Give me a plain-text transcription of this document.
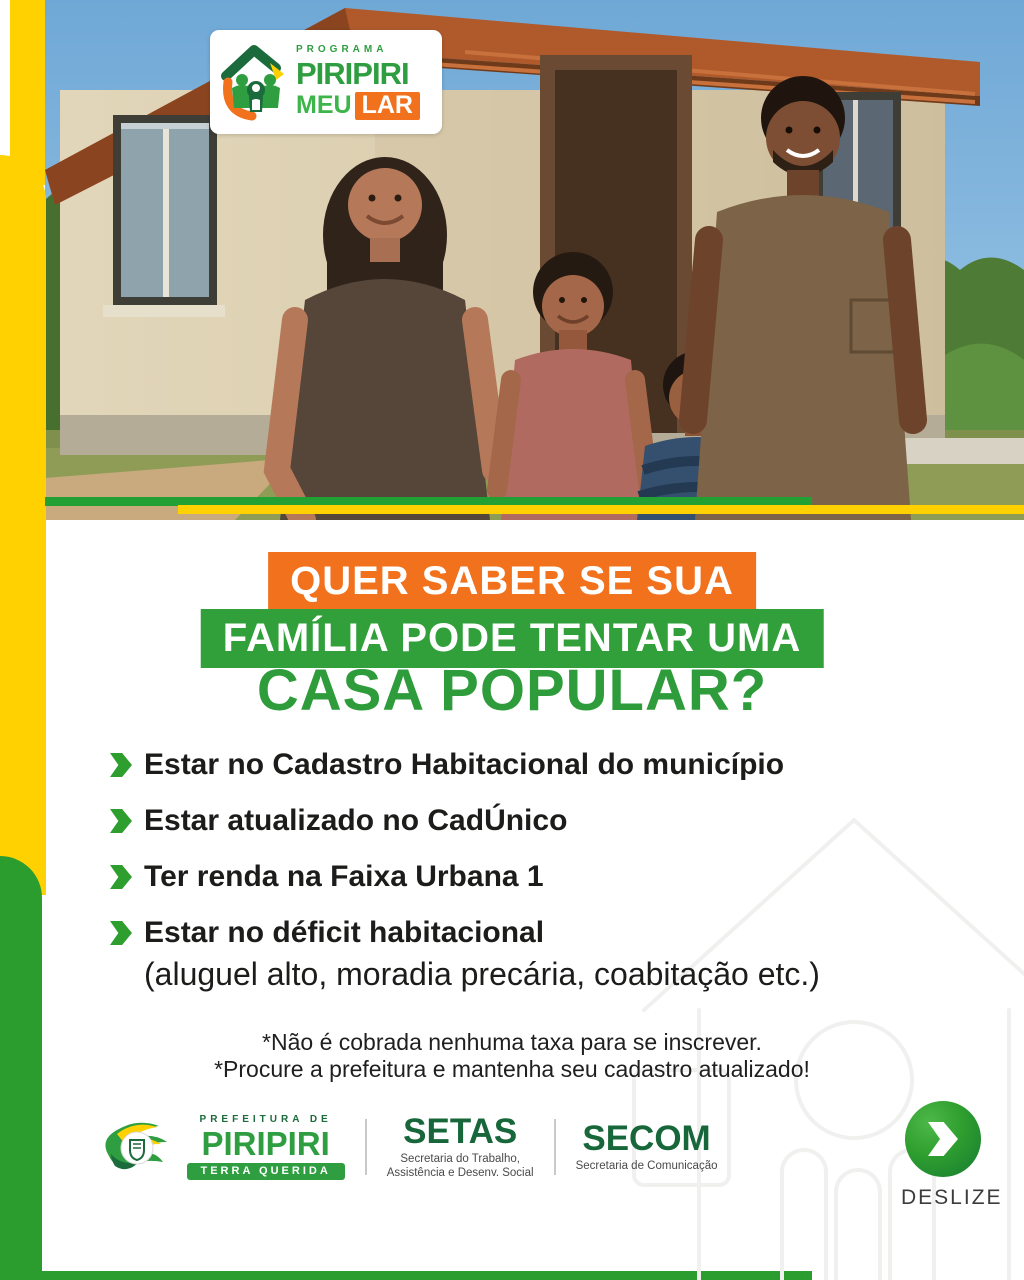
PROGRAMA
PIRIPIRI
MEU LAR
QUER SABER SE SUA
FAMÍLIA PODE TENTAR UMA
CASA POPULAR?
Estar no Cadastro Habitacional do município
Estar atualizado no CadÚnico
Ter renda na Faixa Urbana 1
Estar no déficit habitacional
(aluguel alto, moradia precária, coabitação etc.)
*Não é cobrada nenhuma taxa para se inscrever.
*Procure a prefeitura e mantenha seu cadastro atualizado!
PREFEITURA DE
PIRIPIRI
TERRA QUERIDA
SETAS
Secretaria do Trabalho,
Assistência e Desenv. Social
SECOM
Secretaria de Comunicação
DESLIZE
